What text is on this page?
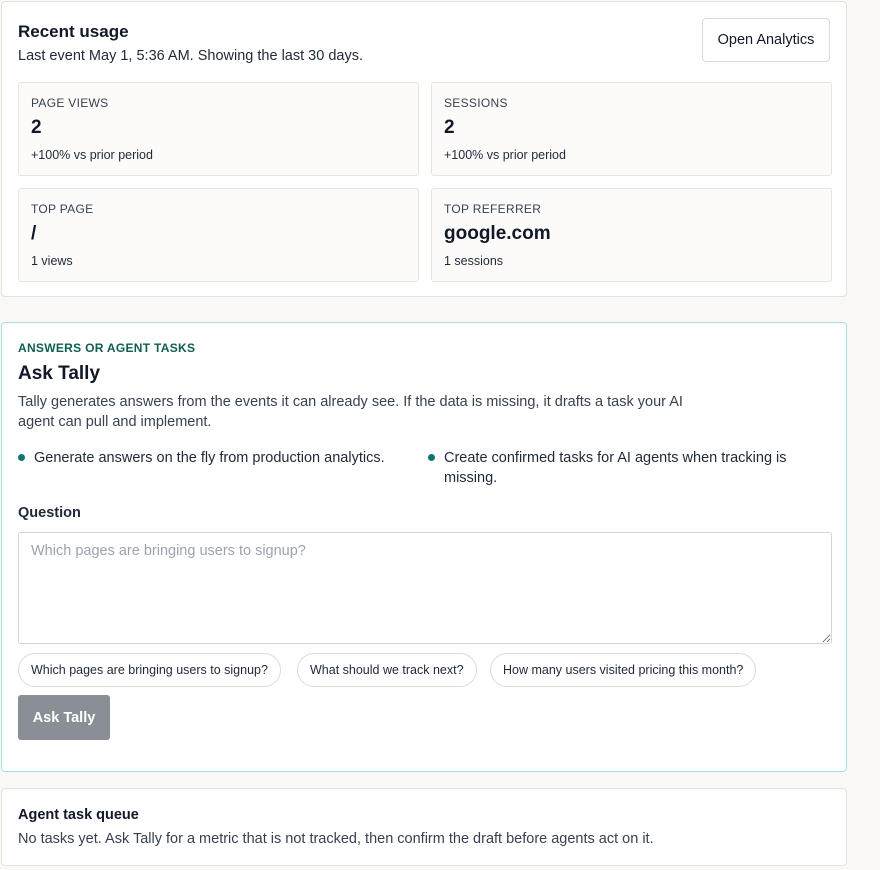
Recent usage

Last event May 1, 5:36 AM. Showing the last 30 days.

Open Analytics
PAGE VIEWS
2
+100% vs prior period
SESSIONS
2
+100% vs prior period
TOP PAGE
/
1 views
TOP REFERRER
google.com
1 sessions
ANSWERS OR AGENT TASKS
Ask Tally

Tally generates answers from the events it can already see. If the data is missing, it drafts a task your AI agent can pull and implement.

Generate answers on the fly from production analytics.	Create confirmed tasks for AI agents when tracking is missing.
Question
Which pages are bringing users to signup?
Which pages are bringing users to signup?	What should we track next?	How many users visited pricing this month?
Ask Tally
Agent task queue

No tasks yet. Ask Tally for a metric that is not tracked, then confirm the draft before agents act on it.
